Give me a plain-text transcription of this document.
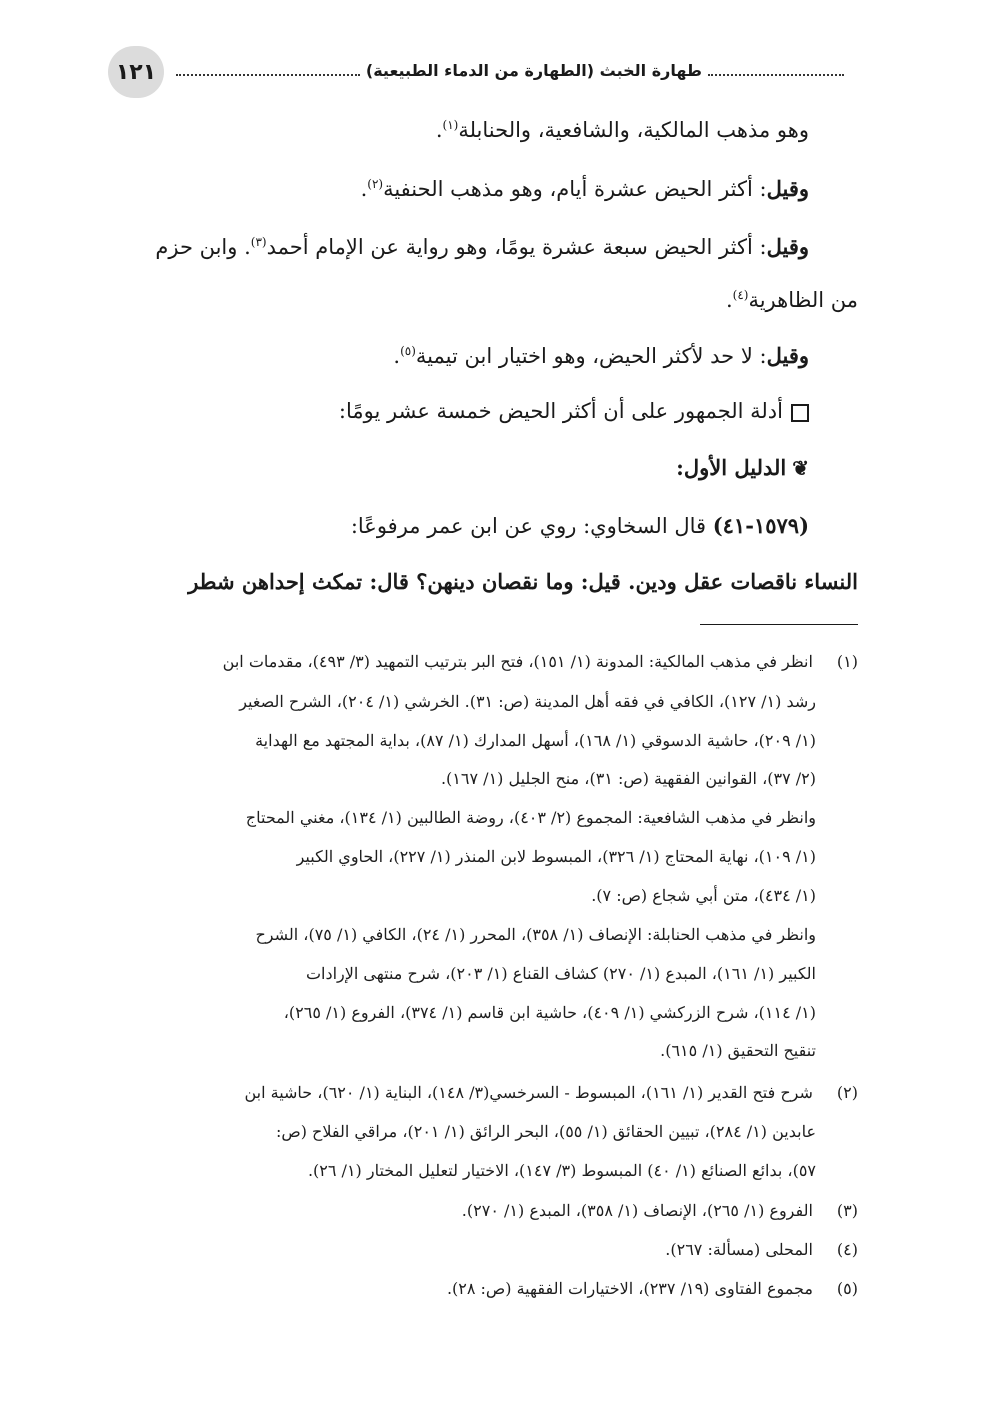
١٢١	طهارة الخبث (الطهارة من الدماء الطبيعية)
وهو مذهب المالكية، والشافعية، والحنابلة$^{(١)}$.
وقيل: أكثر الحيض عشرة أيام، وهو مذهب الحنفية$^{(٢)}$.
وقيل: أكثر الحيض سبعة عشرة يومًا، وهو رواية عن الإمام أحمد$^{(٣)}$. وابن حزم
من الظاهرية$^{(٤)}$.
وقيل: لا حد لأكثر الحيض، وهو اختيار ابن تيمية$^{(٥)}$.
أدلة الجمهور على أن أكثر الحيض خمسة عشر يومًا:
❦الدليل الأول:
(١٥٧٩-٤١) قال السخاوي: روي عن ابن عمر مرفوعًا:
النساء ناقصات عقل ودين. قيل: وما نقصان دينهن؟ قال: تمكث إحداهن شطر
(١) انظر في مذهب المالكية: المدونة (١/ ١٥١)، فتح البر بترتيب التمهيد (٣/ ٤٩٣)، مقدمات ابن
رشد (١/ ١٢٧)، الكافي في فقه أهل المدينة (ص: ٣١). الخرشي (١/ ٢٠٤)، الشرح الصغير
(١/ ٢٠٩)، حاشية الدسوقي (١/ ١٦٨)، أسهل المدارك (١/ ٨٧)، بداية المجتهد مع الهداية
(٢/ ٣٧)، القوانين الفقهية (ص: ٣١)، منح الجليل (١/ ١٦٧).
وانظر في مذهب الشافعية: المجموع (٢/ ٤٠٣)، روضة الطالبين (١/ ١٣٤)، مغني المحتاج
(١/ ١٠٩)، نهاية المحتاج (١/ ٣٢٦)، المبسوط لابن المنذر (١/ ٢٢٧)، الحاوي الكبير
(١/ ٤٣٤)، متن أبي شجاع (ص: ٧).
وانظر في مذهب الحنابلة: الإنصاف (١/ ٣٥٨)، المحرر (١/ ٢٤)، الكافي (١/ ٧٥)، الشرح
الكبير (١/ ١٦١)، المبدع (١/ ٢٧٠) كشاف القناع (١/ ٢٠٣)، شرح منتهى الإرادات
(١/ ١١٤)، شرح الزركشي (١/ ٤٠٩)، حاشية ابن قاسم (١/ ٣٧٤)، الفروع (١/ ٢٦٥)،
تنقيح التحقيق (١/ ٦١٥).
(٢) شرح فتح القدير (١/ ١٦١)، المبسوط - السرخسي(٣/ ١٤٨)، البناية (١/ ٦٢٠)، حاشية ابن
عابدين (١/ ٢٨٤)، تبيين الحقائق (١/ ٥٥)، البحر الرائق (١/ ٢٠١)، مراقي الفلاح (ص:
٥٧)، بدائع الصنائع (١/ ٤٠) المبسوط (٣/ ١٤٧)، الاختيار لتعليل المختار (١/ ٢٦).
(٣) الفروع (١/ ٢٦٥)، الإنصاف (١/ ٣٥٨)، المبدع (١/ ٢٧٠).
(٤) المحلى (مسألة: ٢٦٧).
(٥) مجموع الفتاوى (١٩/ ٢٣٧)، الاختيارات الفقهية (ص: ٢٨).
